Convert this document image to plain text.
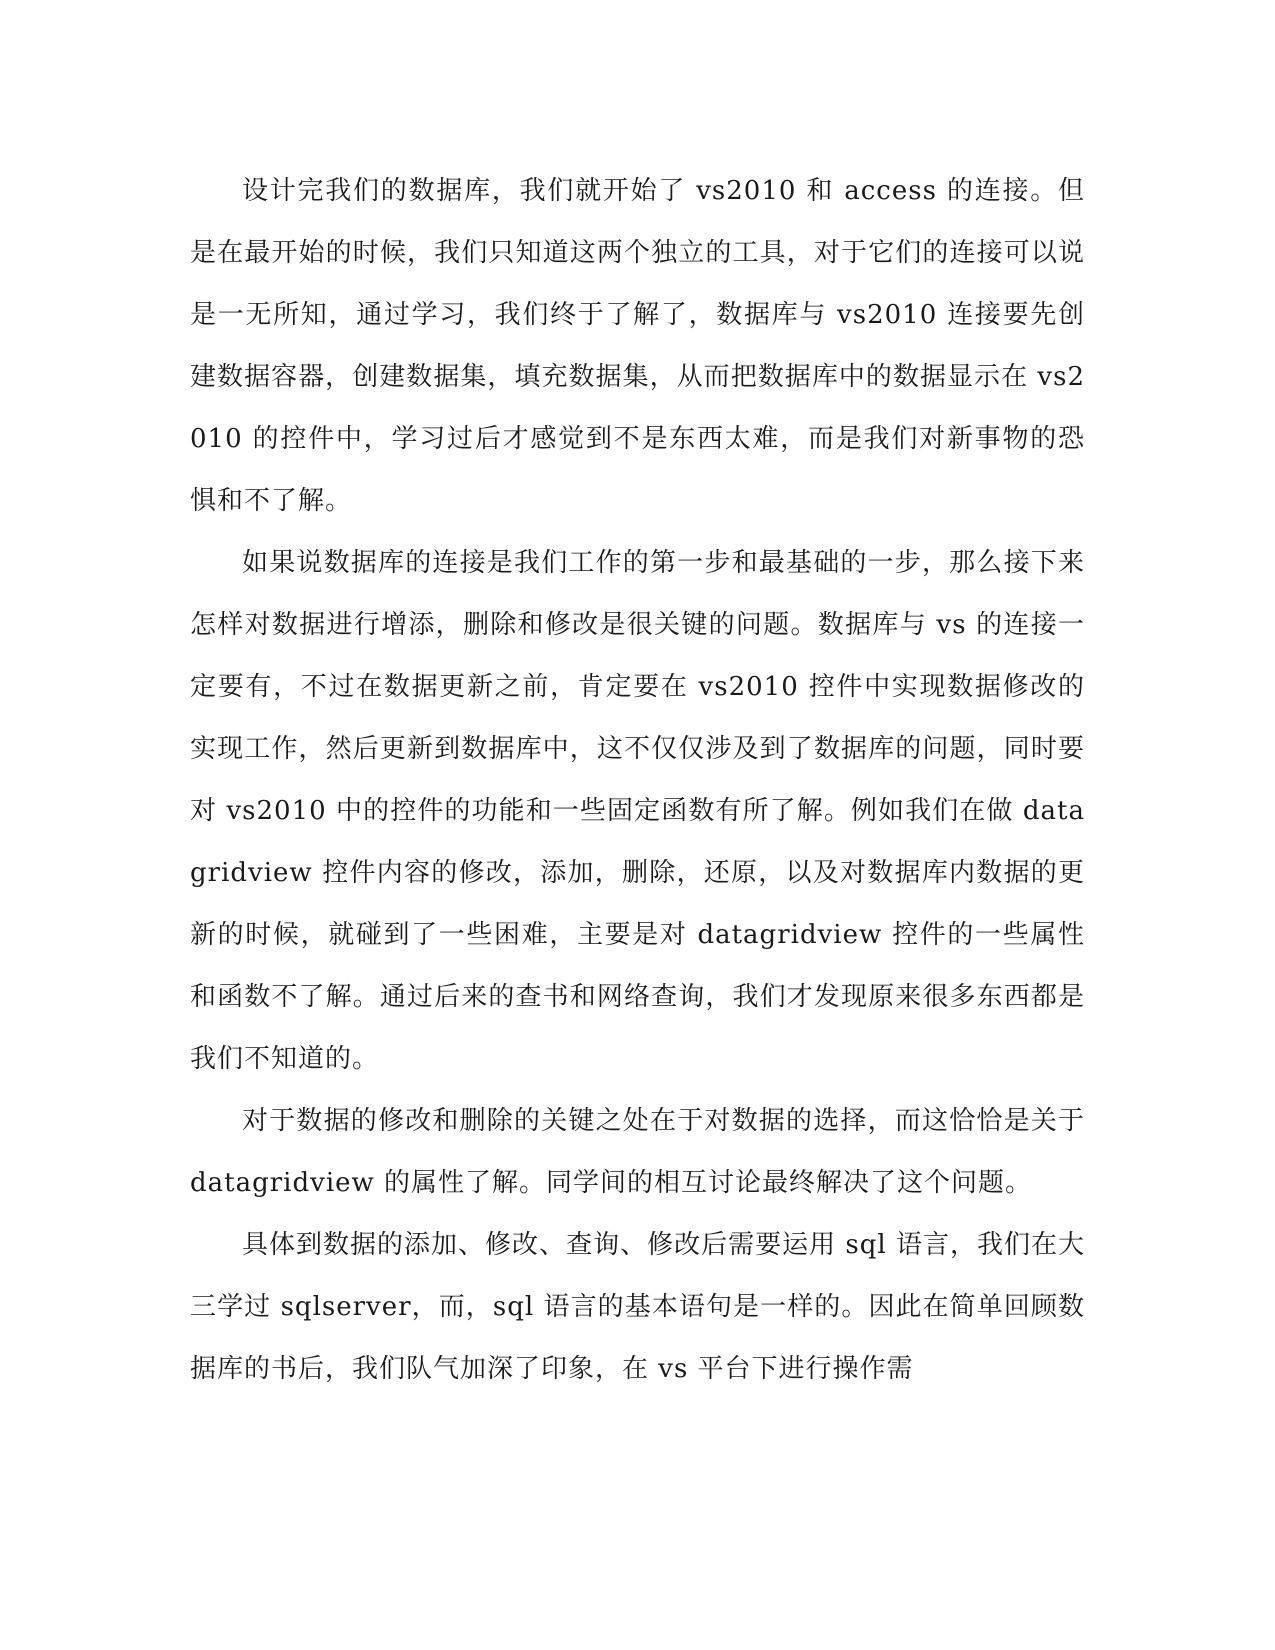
设计完我们的数据库，我们就开始了 vs2010 和 access 的连接。但是在最开始的时候，我们只知道这两个独立的工具，对于它们的连接可以说是一无所知，通过学习，我们终于了解了，数据库与 vs2010 连接要先创建数据容器，创建数据集，填充数据集，从而把数据库中的数据显示在 vs2010 的控件中，学习过后才感觉到不是东西太难，而是我们对新事物的恐惧和不了解。

如果说数据库的连接是我们工作的第一步和最基础的一步，那么接下来怎样对数据进行增添，删除和修改是很关键的问题。数据库与 vs 的连接一定要有，不过在数据更新之前，肯定要在 vs2010 控件中实现数据修改的实现工作，然后更新到数据库中，这不仅仅涉及到了数据库的问题，同时要对 vs2010 中的控件的功能和一些固定函数有所了解。例如我们在做 datagridview 控件内容的修改，添加，删除，还原，以及对数据库内数据的更新的时候，就碰到了一些困难，主要是对 datagridview 控件的一些属性和函数不了解。通过后来的查书和网络查询，我们才发现原来很多东西都是我们不知道的。

对于数据的修改和删除的关键之处在于对数据的选择，而这恰恰是关于 datagridview 的属性了解。同学间的相互讨论最终解决了这个问题。

具体到数据的添加、修改、查询、修改后需要运用 sql 语言，我们在大三学过 sqlserver，而，sql 语言的基本语句是一样的。因此在简单回顾数据库的书后，我们队气加深了印象，在 vs 平台下进行操作需
